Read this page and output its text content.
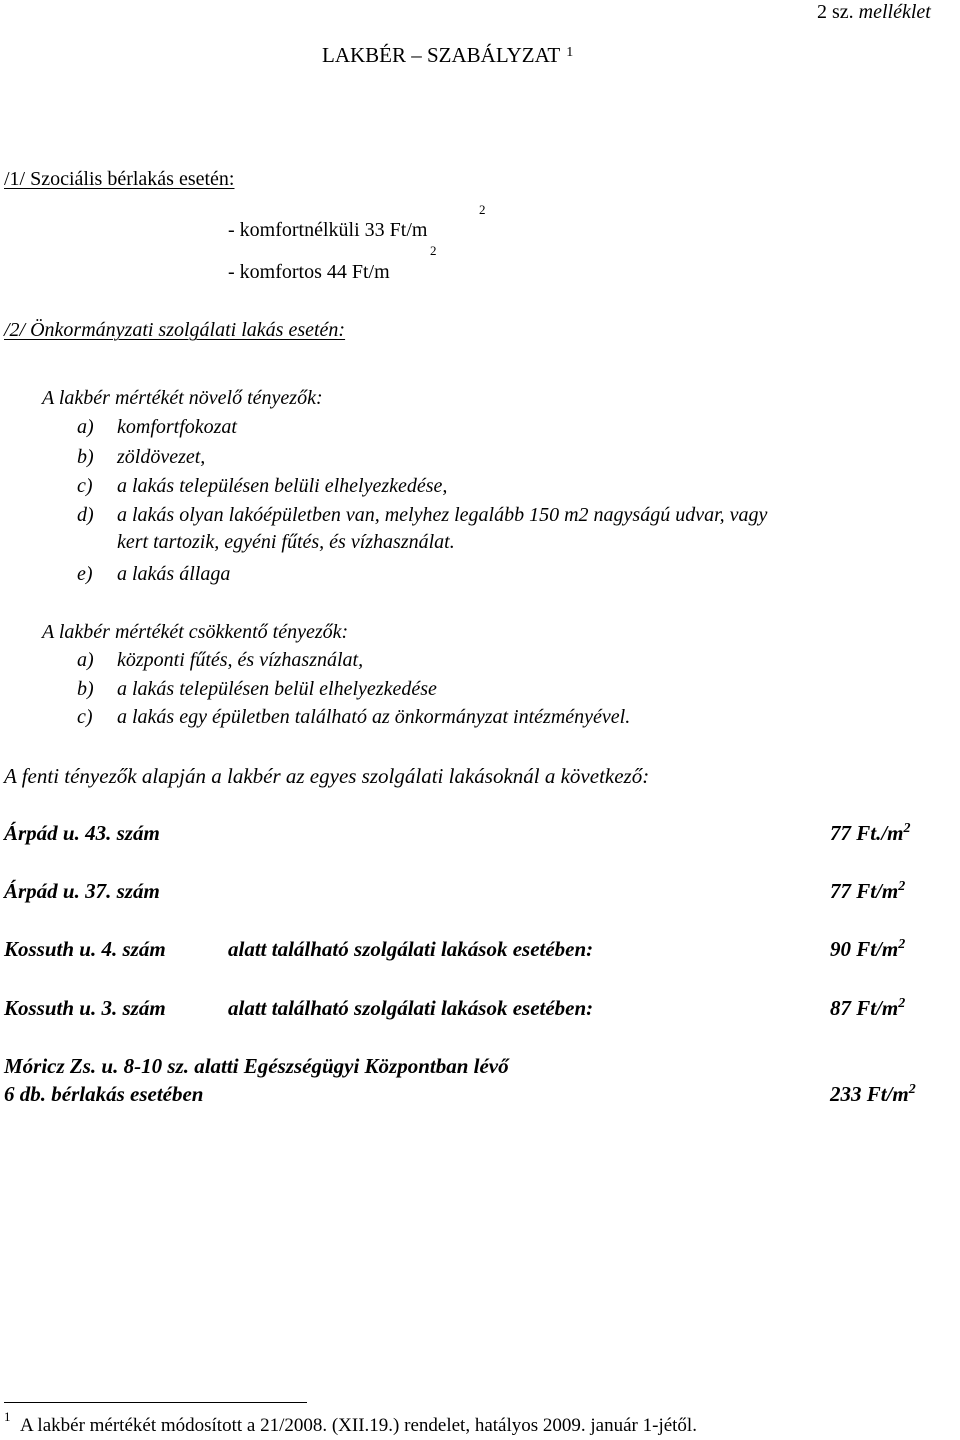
2 sz. melléklet
LAKBÉR – SZABÁLYZAT $^1$
/1/ Szociális bérlakás esetén:
- komfortnélküli 33 Ft/m
2
- komfortos 44 Ft/m
2
/2/ Önkormányzati szolgálati lakás esetén:
A lakbér mértékét növelő tényezők:
a) komfortfokozat
b) zöldövezet,
c) a lakás településen belüli elhelyezkedése,
d) a lakás olyan lakóépületben van, melyhez legalább 150 m2 nagyságú udvar, vagy
kert tartozik, egyéni fűtés, és vízhasználat.
e) a lakás állaga
A lakbér mértékét csökkentő tényezők:
a) központi fűtés, és vízhasználat,
b) a lakás településen belül elhelyezkedése
c) a lakás egy épületben található az önkormányzat intézményével.
A fenti tényezők alapján a lakbér az egyes szolgálati lakásoknál a következő:
Árpád u. 43. szám	77 $Ft./m^2$
Árpád u. 37. szám	77 $Ft/m^2$
Kossuth u. 4. szám	alatt található szolgálati lakások esetében:	90 $Ft/m^2$
Kossuth u. 3. szám	alatt található szolgálati lakások esetében:	87 $Ft/m^2$
Móricz Zs. u. 8-10 sz. alatti Egészségügyi Központban lévő
6 db. bérlakás esetében	233 $Ft/m^2$
1 A lakbér mértékét módosított a 21/2008. (XII.19.) rendelet, hatályos 2009. január 1-jétől.
